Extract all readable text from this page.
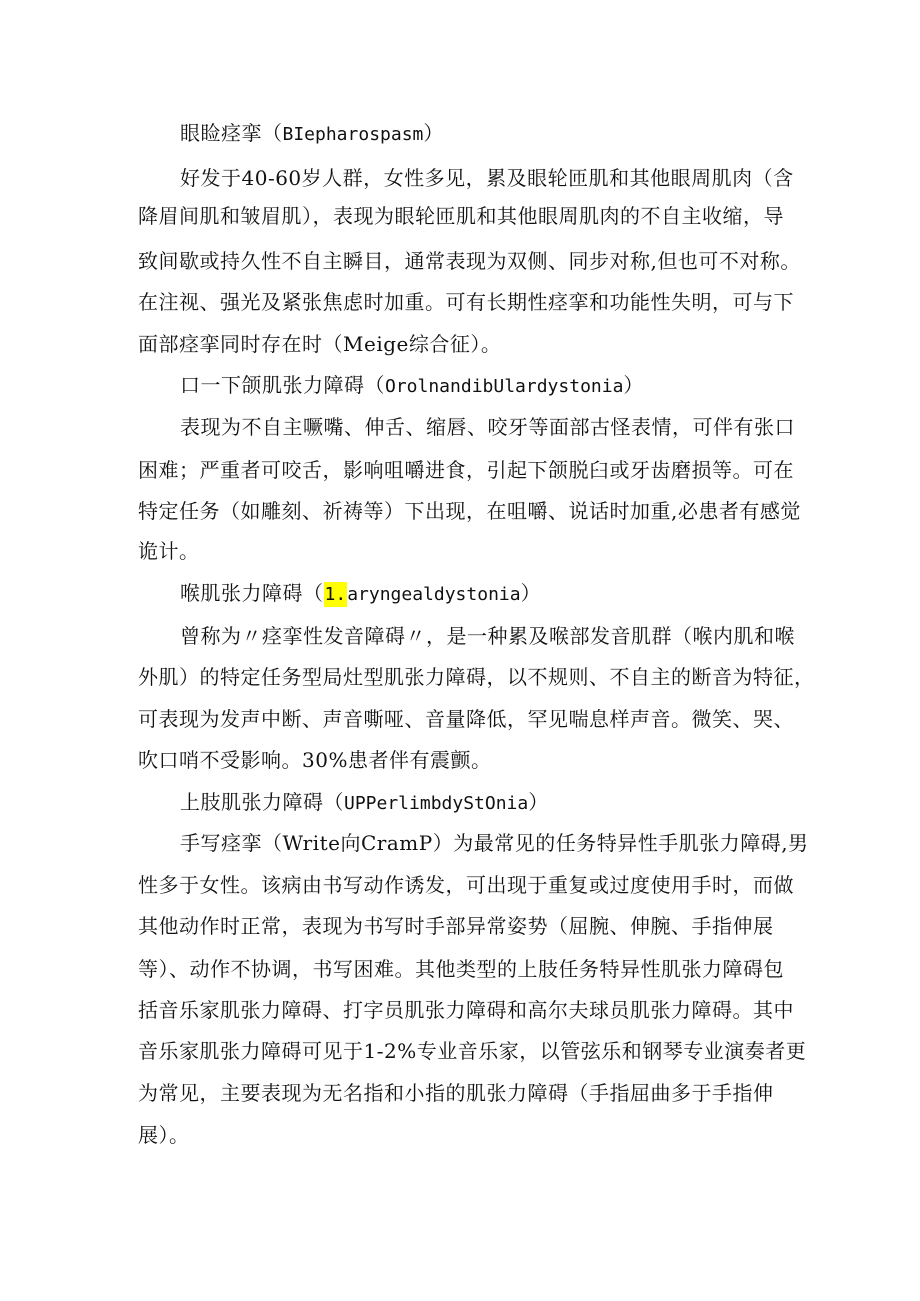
眼睑痉挛（BIepharospasm）
好发于40-60岁人群，女性多见，累及眼轮匝肌和其他眼周肌肉（含
降眉间肌和皱眉肌），表现为眼轮匝肌和其他眼周肌肉的不自主收缩，导
致间歇或持久性不自主瞬目，通常表现为双侧、同步对称,但也可不对称。
在注视、强光及紧张焦虑时加重。可有长期性痉挛和功能性失明，可与下
面部痉挛同时存在时（Meige综合征）。
口一下颌肌张力障碍（OrolnandibUlardystonia）
表现为不自主噘嘴、伸舌、缩唇、咬牙等面部古怪表情，可伴有张口
困难；严重者可咬舌，影响咀嚼进食，引起下颌脱臼或牙齿磨损等。可在
特定任务（如雕刻、祈祷等）下出现，在咀嚼、说话时加重,必患者有感觉
诡计。
喉肌张力障碍（1.aryngealdystonia）
曾称为〃痉挛性发音障碍〃，是一种累及喉部发音肌群（喉内肌和喉
外肌）的特定任务型局灶型肌张力障碍，以不规则、不自主的断音为特征，
可表现为发声中断、声音嘶哑、音量降低，罕见喘息样声音。微笑、哭、
吹口哨不受影响。30%患者伴有震颤。
上肢肌张力障碍（UPPerlimbdyStOnia）
手写痉挛（Write向CramP）为最常见的任务特异性手肌张力障碍,男
性多于女性。该病由书写动作诱发，可出现于重复或过度使用手时，而做
其他动作时正常，表现为书写时手部异常姿势（屈腕、伸腕、手指伸展
等）、动作不协调，书写困难。其他类型的上肢任务特异性肌张力障碍包
括音乐家肌张力障碍、打字员肌张力障碍和高尔夫球员肌张力障碍。其中
音乐家肌张力障碍可见于1-2%专业音乐家，以管弦乐和钢琴专业演奏者更
为常见，主要表现为无名指和小指的肌张力障碍（手指屈曲多于手指伸
展）。
